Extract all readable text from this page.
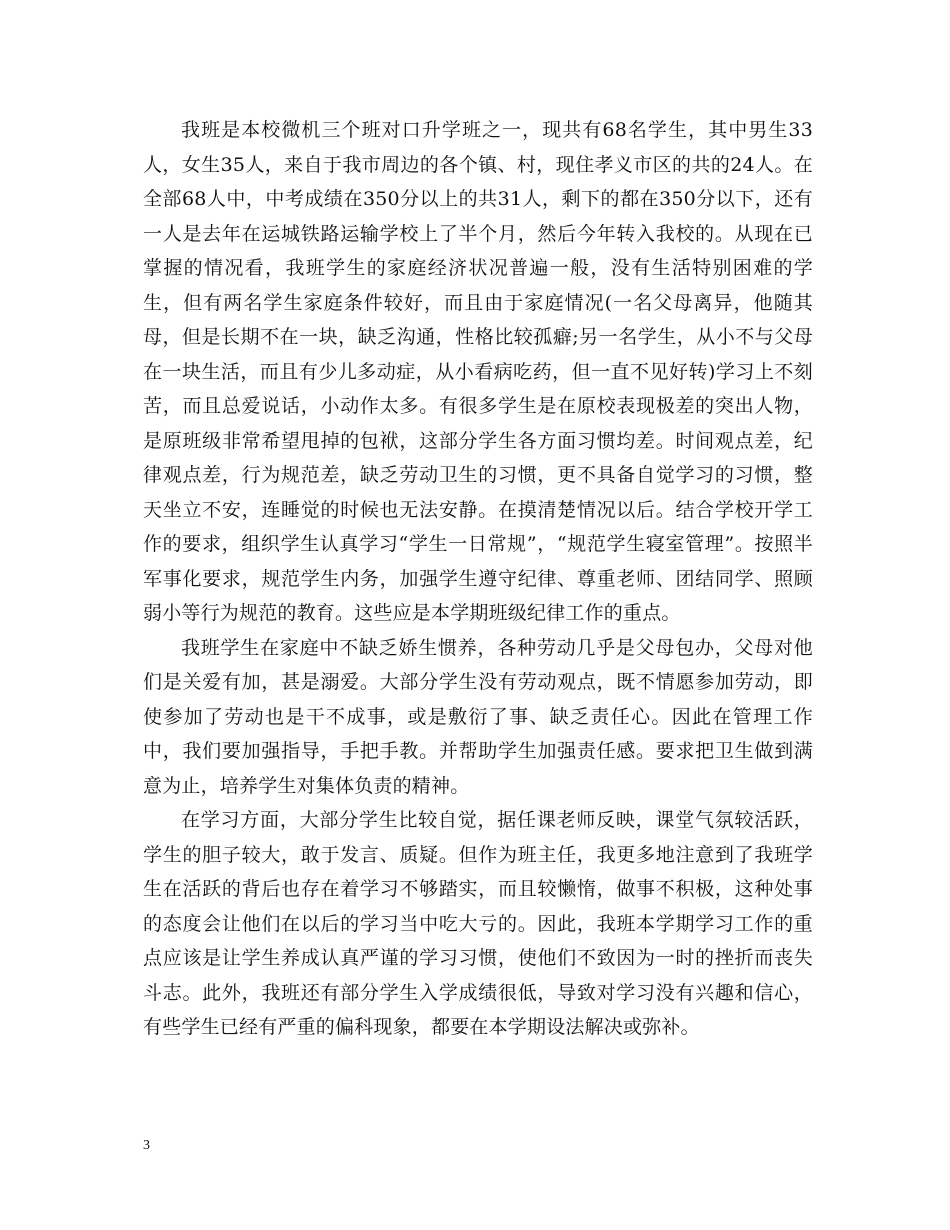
我班是本校微机三个班对口升学班之一，现共有68名学生，其中男生33人，女生35人，来自于我市周边的各个镇、村，现住孝义市区的共的24人。在全部68人中，中考成绩在350分以上的共31人，剩下的都在350分以下，还有一人是去年在运城铁路运输学校上了半个月，然后今年转入我校的。从现在已掌握的情况看，我班学生的家庭经济状况普遍一般，没有生活特别困难的学生，但有两名学生家庭条件较好，而且由于家庭情况(一名父母离异，他随其母，但是长期不在一块，缺乏沟通，性格比较孤癖;另一名学生，从小不与父母在一块生活，而且有少儿多动症，从小看病吃药，但一直不见好转)学习上不刻苦，而且总爱说话，小动作太多。有很多学生是在原校表现极差的突出人物，是原班级非常希望甩掉的包袱，这部分学生各方面习惯均差。时间观点差，纪律观点差，行为规范差，缺乏劳动卫生的习惯，更不具备自觉学习的习惯，整天坐立不安，连睡觉的时候也无法安静。在摸清楚情况以后。结合学校开学工作的要求，组织学生认真学习“学生一日常规”，“规范学生寝室管理”。按照半军事化要求，规范学生内务，加强学生遵守纪律、尊重老师、团结同学、照顾弱小等行为规范的教育。这些应是本学期班级纪律工作的重点。

我班学生在家庭中不缺乏娇生惯养，各种劳动几乎是父母包办，父母对他们是关爱有加，甚是溺爱。大部分学生没有劳动观点，既不情愿参加劳动，即使参加了劳动也是干不成事，或是敷衍了事、缺乏责任心。因此在管理工作中，我们要加强指导，手把手教。并帮助学生加强责任感。要求把卫生做到满意为止，培养学生对集体负责的精神。

在学习方面，大部分学生比较自觉，据任课老师反映，课堂气氛较活跃，学生的胆子较大，敢于发言、质疑。但作为班主任，我更多地注意到了我班学生在活跃的背后也存在着学习不够踏实，而且较懒惰，做事不积极，这种处事的态度会让他们在以后的学习当中吃大亏的。因此，我班本学期学习工作的重点应该是让学生养成认真严谨的学习习惯，使他们不致因为一时的挫折而丧失斗志。此外，我班还有部分学生入学成绩很低，导致对学习没有兴趣和信心，有些学生已经有严重的偏科现象，都要在本学期设法解决或弥补。

3
